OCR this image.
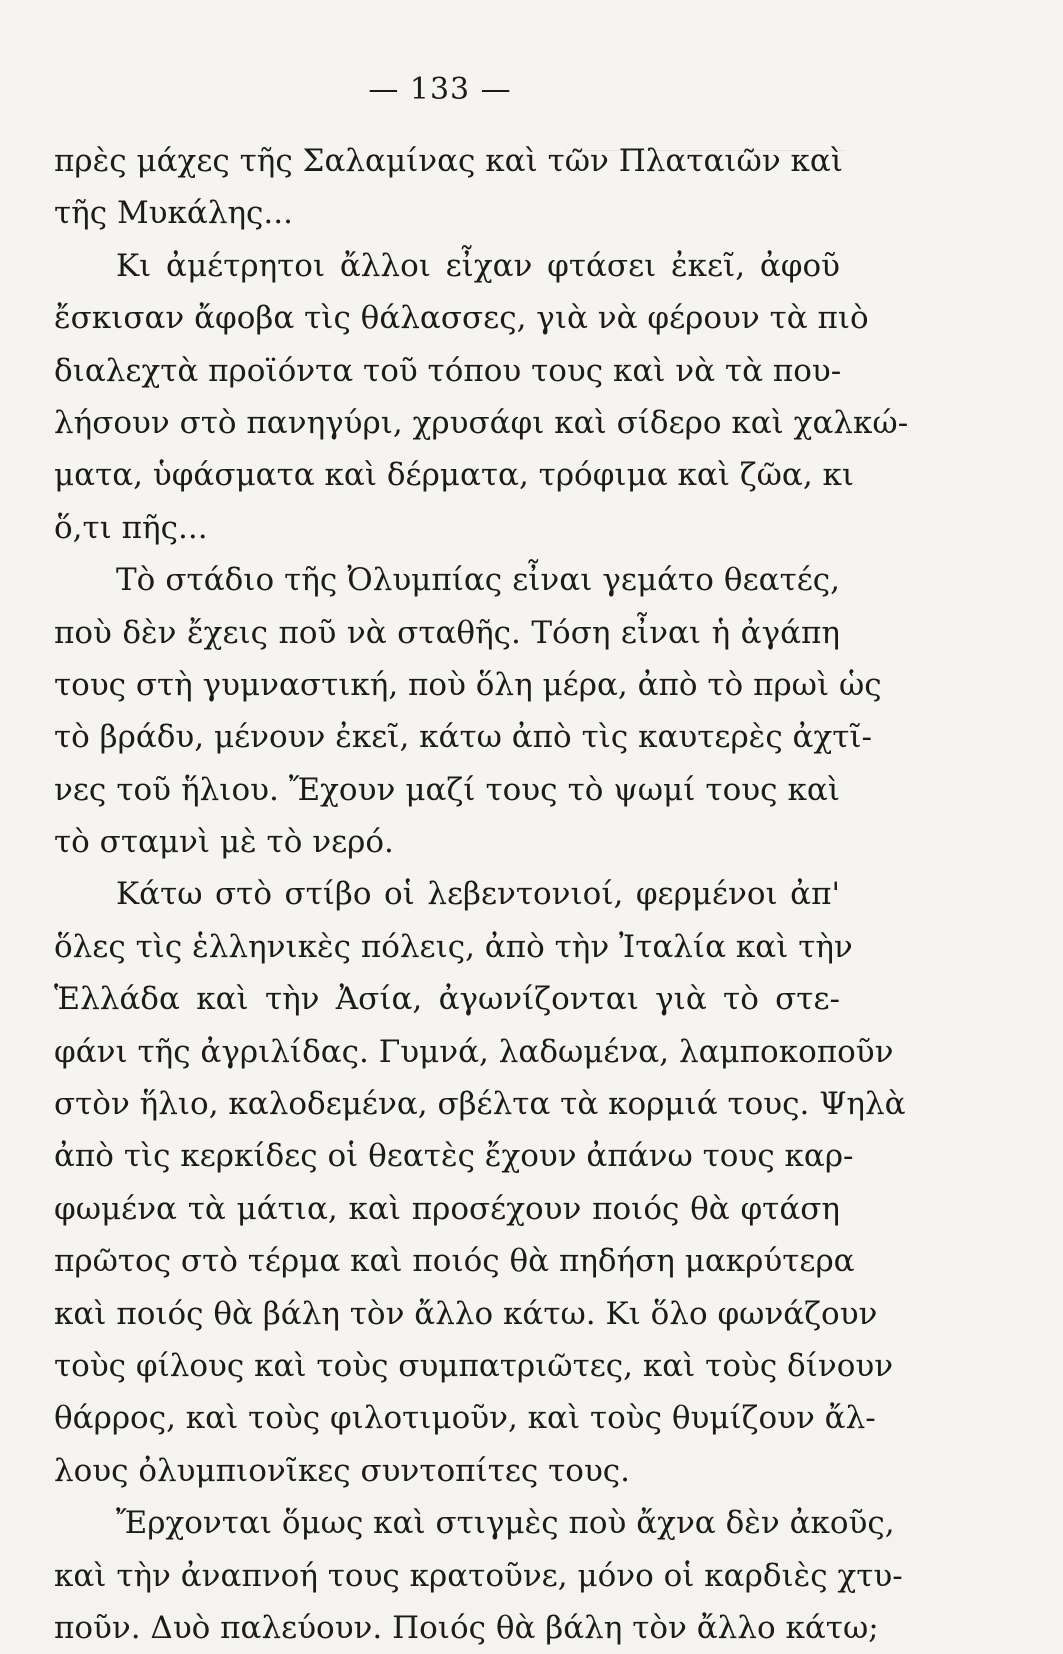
— 133 —
πρὲς μάχες τῆς Σαλαμίνας καὶ τῶν Πλαταιῶν καὶ
τῆς Μυκάλης...
Κι ἀμέτρητοι ἄλλοι εἶχαν φτάσει ἐκεῖ, ἀφοῦ
ἔσκισαν ἄφοβα τὶς θάλασσες, γιὰ νὰ φέρουν τὰ πιὸ
διαλεχτὰ προϊόντα τοῦ τόπου τους καὶ νὰ τὰ που-
λήσουν στὸ πανηγύρι, χρυσάφι καὶ σίδερο καὶ χαλκώ-
ματα, ὑφάσματα καὶ δέρματα, τρόφιμα καὶ ζῶα, κι
ὅ,τι πῆς...
Τὸ στάδιο τῆς Ὀλυμπίας εἶναι γεμάτο θεατές,
ποὺ δὲν ἔχεις ποῦ νὰ σταθῆς. Τόση εἶναι ἡ ἀγάπη
τους στὴ γυμναστική, ποὺ ὅλη μέρα, ἀπὸ τὸ πρωὶ ὡς
τὸ βράδυ, μένουν ἐκεῖ, κάτω ἀπὸ τὶς καυτερὲς ἀχτῖ-
νες τοῦ ἥλιου. Ἔχουν μαζί τους τὸ ψωμί τους καὶ
τὸ σταμνὶ μὲ τὸ νερό.
Κάτω στὸ στίβο οἱ λεβεντονιοί, φερμένοι ἀπ'
ὅλες τὶς ἑλληνικὲς πόλεις, ἀπὸ τὴν Ἰταλία καὶ τὴν
Ἑλλάδα καὶ τὴν Ἀσία, ἀγωνίζονται γιὰ τὸ στε-
φάνι τῆς ἀγριλίδας. Γυμνά, λαδωμένα, λαμποκοποῦν
στὸν ἥλιο, καλοδεμένα, σβέλτα τὰ κορμιά τους. Ψηλὰ
ἀπὸ τὶς κερκίδες οἱ θεατὲς ἔχουν ἀπάνω τους καρ-
φωμένα τὰ μάτια, καὶ προσέχουν ποιός θὰ φτάση
πρῶτος στὸ τέρμα καὶ ποιός θὰ πηδήση μακρύτερα
καὶ ποιός θὰ βάλη τὸν ἄλλο κάτω. Κι ὅλο φωνάζουν
τοὺς φίλους καὶ τοὺς συμπατριῶτες, καὶ τοὺς δίνουν
θάρρος, καὶ τοὺς φιλοτιμοῦν, καὶ τοὺς θυμίζουν ἄλ-
λους ὀλυμπιονῖκες συντοπίτες τους.
Ἔρχονται ὅμως καὶ στιγμὲς ποὺ ἄχνα δὲν ἀκοῦς,
καὶ τὴν ἀναπνοή τους κρατοῦνε, μόνο οἱ καρδιὲς χτυ-
ποῦν. Δυὸ παλεύουν. Ποιός θὰ βάλη τὸν ἄλλο κάτω;
